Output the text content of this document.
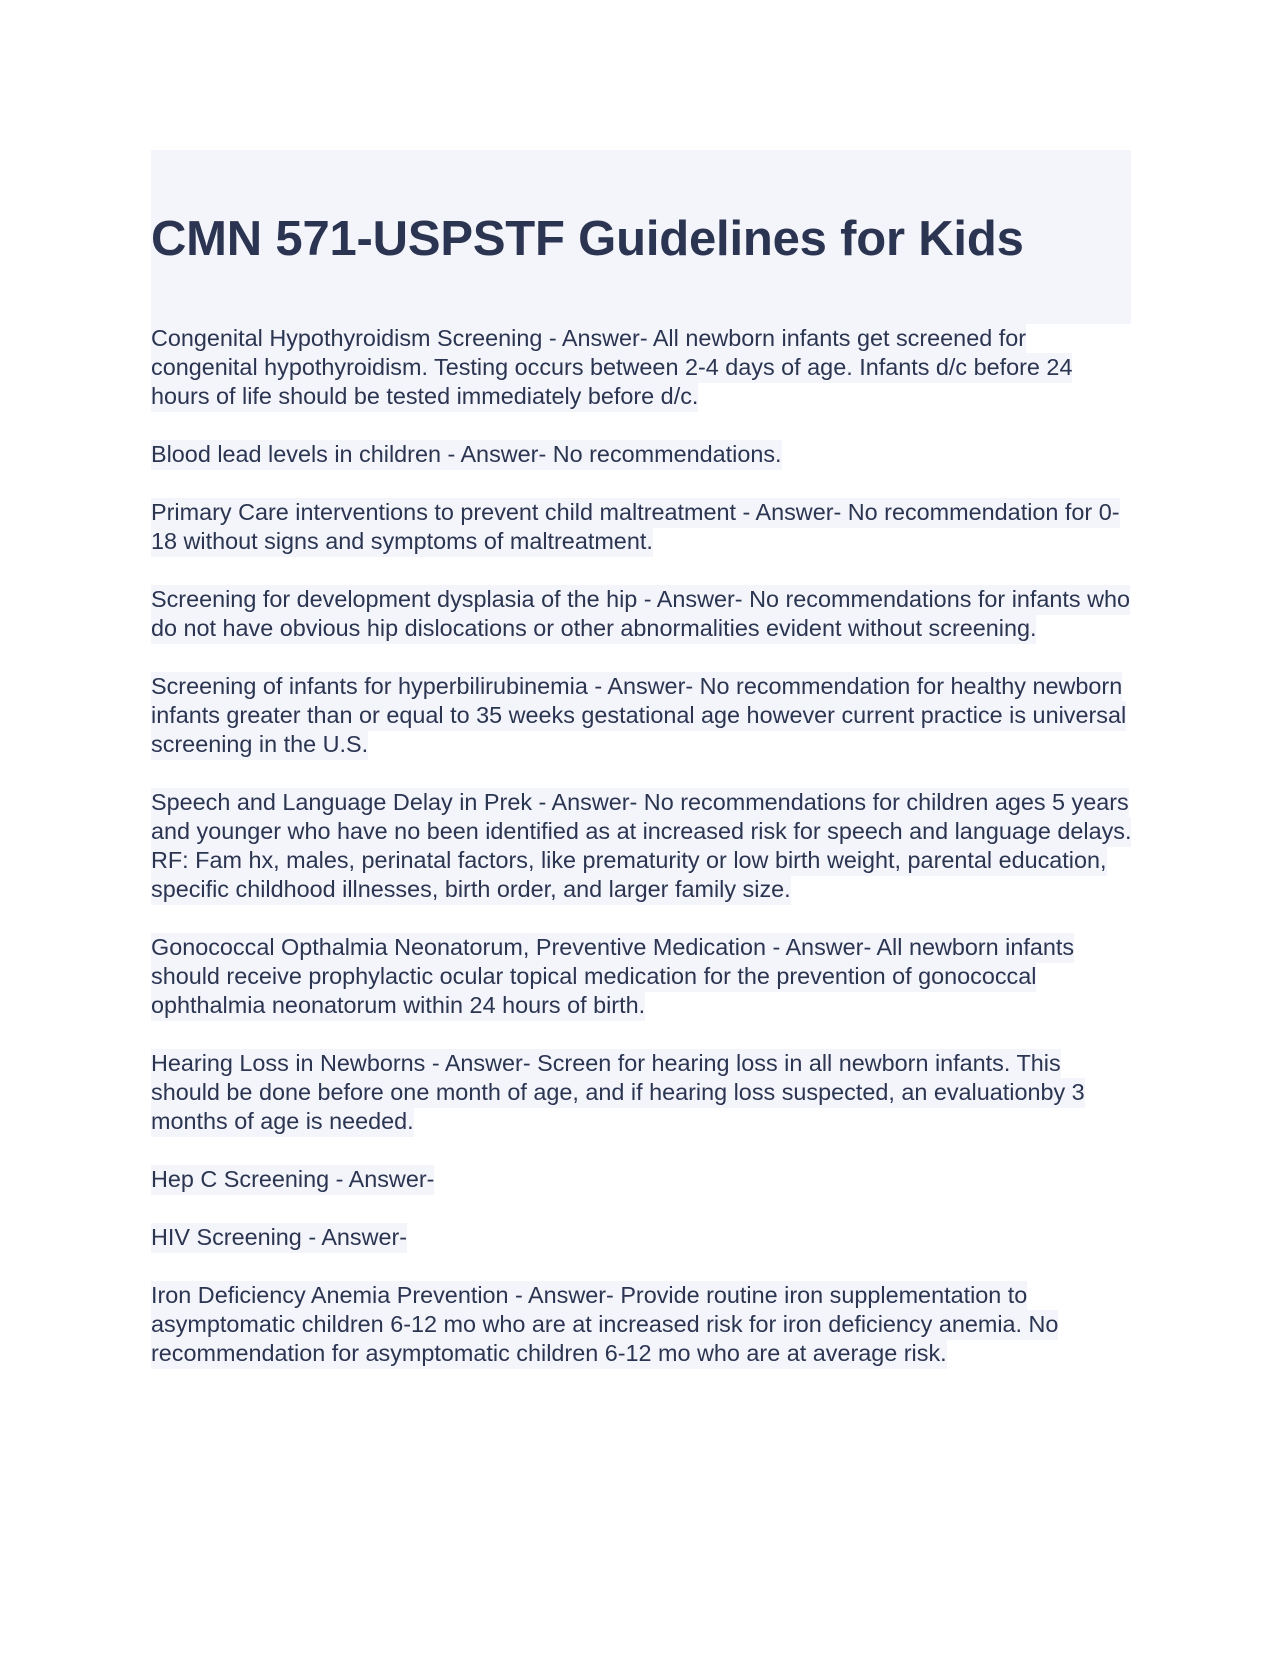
CMN 571-USPSTF Guidelines for Kids

Congenital Hypothyroidism Screening - Answer- All newborn infants get screened for congenital hypothyroidism. Testing occurs between 2-4 days of age. Infants d/c before 24 hours of life should be tested immediately before d/c.

Blood lead levels in children - Answer- No recommendations.

Primary Care interventions to prevent child maltreatment - Answer- No recommendation for 0-18 without signs and symptoms of maltreatment.

Screening for development dysplasia of the hip - Answer- No recommendations for infants who do not have obvious hip dislocations or other abnormalities evident without screening.

Screening of infants for hyperbilirubinemia - Answer- No recommendation for healthy newborn infants greater than or equal to 35 weeks gestational age however current practice is universal screening in the U.S.

Speech and Language Delay in Prek - Answer- No recommendations for children ages 5 years and younger who have no been identified as at increased risk for speech and language delays. RF: Fam hx, males, perinatal factors, like prematurity or low birth weight, parental education, specific childhood illnesses, birth order, and larger family size.

Gonococcal Opthalmia Neonatorum, Preventive Medication - Answer- All newborn infants should receive prophylactic ocular topical medication for the prevention of gonococcal ophthalmia neonatorum within 24 hours of birth.

Hearing Loss in Newborns - Answer- Screen for hearing loss in all newborn infants. This should be done before one month of age, and if hearing loss suspected, an evaluationby 3 months of age is needed.

Hep C Screening - Answer-

HIV Screening - Answer-

Iron Deficiency Anemia Prevention - Answer- Provide routine iron supplementation to asymptomatic children 6-12 mo who are at increased risk for iron deficiency anemia. No recommendation for asymptomatic children 6-12 mo who are at average risk.
